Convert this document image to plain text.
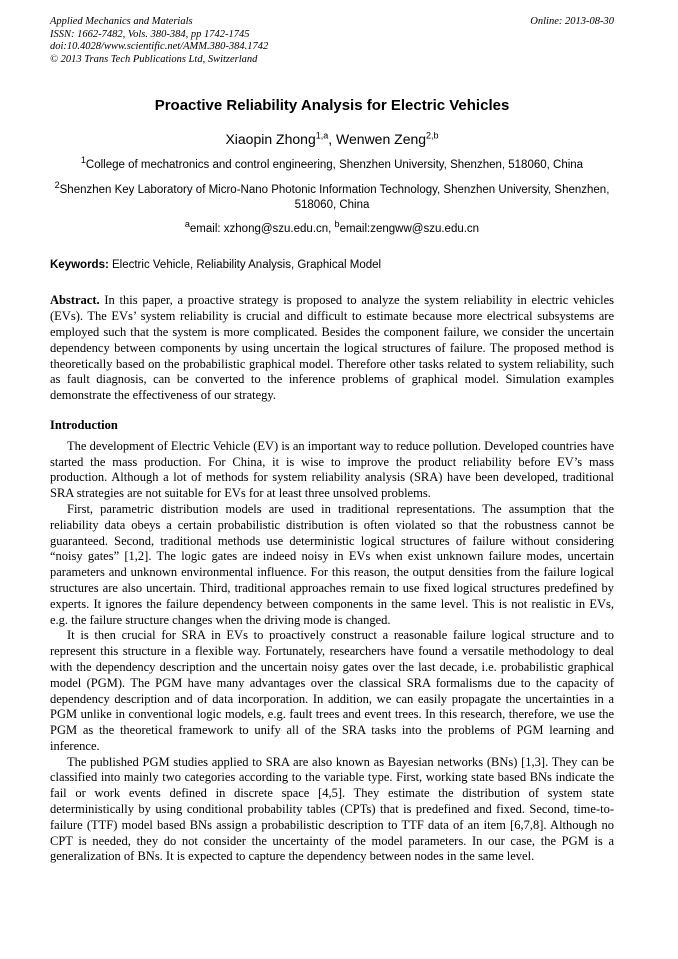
Applied Mechanics and Materials
ISSN: 1662-7482, Vols. 380-384, pp 1742-1745
doi:10.4028/www.scientific.net/AMM.380-384.1742
© 2013 Trans Tech Publications Ltd, Switzerland
Online: 2013-08-30
Proactive Reliability Analysis for Electric Vehicles
Xiaopin Zhong$^{1,a}$, Wenwen Zeng$^{2,b}$
$^1$College of mechatronics and control engineering, Shenzhen University, Shenzhen, 518060, China
$^2$Shenzhen Key Laboratory of Micro-Nano Photonic Information Technology, Shenzhen University, Shenzhen, 518060, China
$^a$email: xzhong@szu.edu.cn, $^b$email:zengww@szu.edu.cn

Keywords: Electric Vehicle, Reliability Analysis, Graphical Model

Abstract. In this paper, a proactive strategy is proposed to analyze the system reliability in electric vehicles (EVs). The EVs’ system reliability is crucial and difficult to estimate because more electrical subsystems are employed such that the system is more complicated. Besides the component failure, we consider the uncertain dependency between components by using uncertain the logical structures of failure. The proposed method is theoretically based on the probabilistic graphical model. Therefore other tasks related to system reliability, such as fault diagnosis, can be converted to the inference problems of graphical model. Simulation examples demonstrate the effectiveness of our strategy.

Introduction

The development of Electric Vehicle (EV) is an important way to reduce pollution. Developed countries have started the mass production. For China, it is wise to improve the product reliability before EV’s mass production. Although a lot of methods for system reliability analysis (SRA) have been developed, traditional SRA strategies are not suitable for EVs for at least three unsolved problems.

First, parametric distribution models are used in traditional representations. The assumption that the reliability data obeys a certain probabilistic distribution is often violated so that the robustness cannot be guaranteed. Second, traditional methods use deterministic logical structures of failure without considering “noisy gates” [1,2]. The logic gates are indeed noisy in EVs when exist unknown failure modes, uncertain parameters and unknown environmental influence. For this reason, the output densities from the failure logical structures are also uncertain. Third, traditional approaches remain to use fixed logical structures predefined by experts. It ignores the failure dependency between components in the same level. This is not realistic in EVs, e.g. the failure structure changes when the driving mode is changed.

It is then crucial for SRA in EVs to proactively construct a reasonable failure logical structure and to represent this structure in a flexible way. Fortunately, researchers have found a versatile methodology to deal with the dependency description and the uncertain noisy gates over the last decade, i.e. probabilistic graphical model (PGM). The PGM have many advantages over the classical SRA formalisms due to the capacity of dependency description and of data incorporation. In addition, we can easily propagate the uncertainties in a PGM unlike in conventional logic models, e.g. fault trees and event trees. In this research, therefore, we use the PGM as the theoretical framework to unify all of the SRA tasks into the problems of PGM learning and inference.

The published PGM studies applied to SRA are also known as Bayesian networks (BNs) [1,3]. They can be classified into mainly two categories according to the variable type. First, working state based BNs indicate the fail or work events defined in discrete space [4,5]. They estimate the distribution of system state deterministically by using conditional probability tables (CPTs) that is predefined and fixed. Second, time-to-failure (TTF) model based BNs assign a probabilistic description to TTF data of an item [6,7,8]. Although no CPT is needed, they do not consider the uncertainty of the model parameters. In our case, the PGM is a generalization of BNs. It is expected to capture the dependency between nodes in the same level.
